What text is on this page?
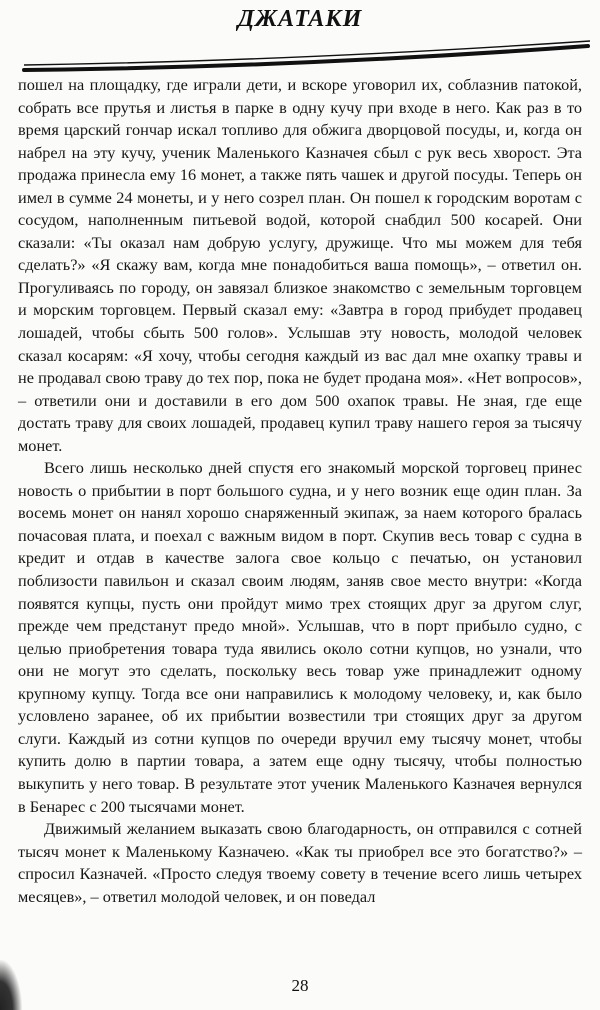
ДЖАТАКИ

пошел на площадку, где играли дети, и вскоре уговорил их, соблазнив патокой, собрать все прутья и листья в парке в одну кучу при входе в него. Как раз в то время царский гончар искал топливо для обжига дворцовой посуды, и, когда он набрел на эту кучу, ученик Маленького Казначея сбыл с рук весь хворост. Эта продажа принесла ему 16 монет, а также пять чашек и другой посуды. Теперь он имел в сумме 24 монеты, и у него созрел план. Он пошел к городским воротам с сосудом, наполненным питьевой водой, которой снабдил 500 косарей. Они сказали: «Ты оказал нам добрую услугу, дружище. Что мы можем для тебя сделать?» «Я скажу вам, когда мне понадобиться ваша помощь», – ответил он. Прогуливаясь по городу, он завязал близкое знакомство с земельным торговцем и морским торговцем. Первый сказал ему: «Завтра в город прибудет продавец лошадей, чтобы сбыть 500 голов». Услышав эту новость, молодой человек сказал косарям: «Я хочу, чтобы сегодня каждый из вас дал мне охапку травы и не продавал свою траву до тех пор, пока не будет продана моя». «Нет вопросов», – ответили они и доставили в его дом 500 охапок травы. Не зная, где еще достать траву для своих лошадей, продавец купил траву нашего героя за тысячу монет.

Всего лишь несколько дней спустя его знакомый морской торговец принес новость о прибытии в порт большого судна, и у него возник еще один план. За восемь монет он нанял хорошо снаряженный экипаж, за наем которого бралась почасовая плата, и поехал с важным видом в порт. Скупив весь товар с судна в кредит и отдав в качестве залога свое кольцо с печатью, он установил поблизости павильон и сказал своим людям, заняв свое место внутри: «Когда появятся купцы, пусть они пройдут мимо трех стоящих друг за другом слуг, прежде чем предстанут предо мной». Услышав, что в порт прибыло судно, с целью приобретения товара туда явились около сотни купцов, но узнали, что они не могут это сделать, поскольку весь товар уже принадлежит одному крупному купцу. Тогда все они направились к молодому человеку, и, как было условлено заранее, об их прибытии возвестили три стоящих друг за другом слуги. Каждый из сотни купцов по очереди вручил ему тысячу монет, чтобы купить долю в партии товара, а затем еще одну тысячу, чтобы полностью выкупить у него товар. В результате этот ученик Маленького Казначея вернулся в Бенарес с 200 тысячами монет.

Движимый желанием выказать свою благодарность, он отправился с сотней тысяч монет к Маленькому Казначею. «Как ты приобрел все это богатство?» – спросил Казначей. «Просто следуя твоему совету в течение всего лишь четырех месяцев», – ответил молодой человек, и он поведал

28
